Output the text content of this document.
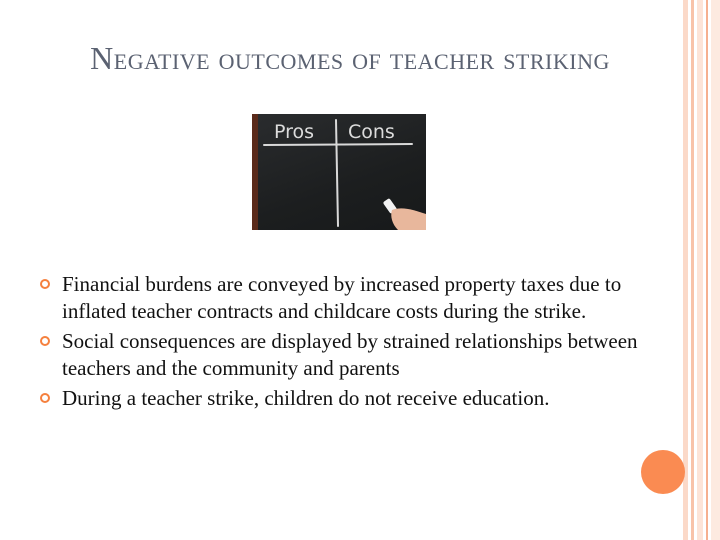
Negative outcomes of teacher striking
Pros Cons
Financial burdens are conveyed by increased property taxes due to inflated teacher contracts and childcare costs during the strike.
Social consequences are displayed by strained relationships between teachers and the community and parents
During a teacher strike, children do not receive education.
